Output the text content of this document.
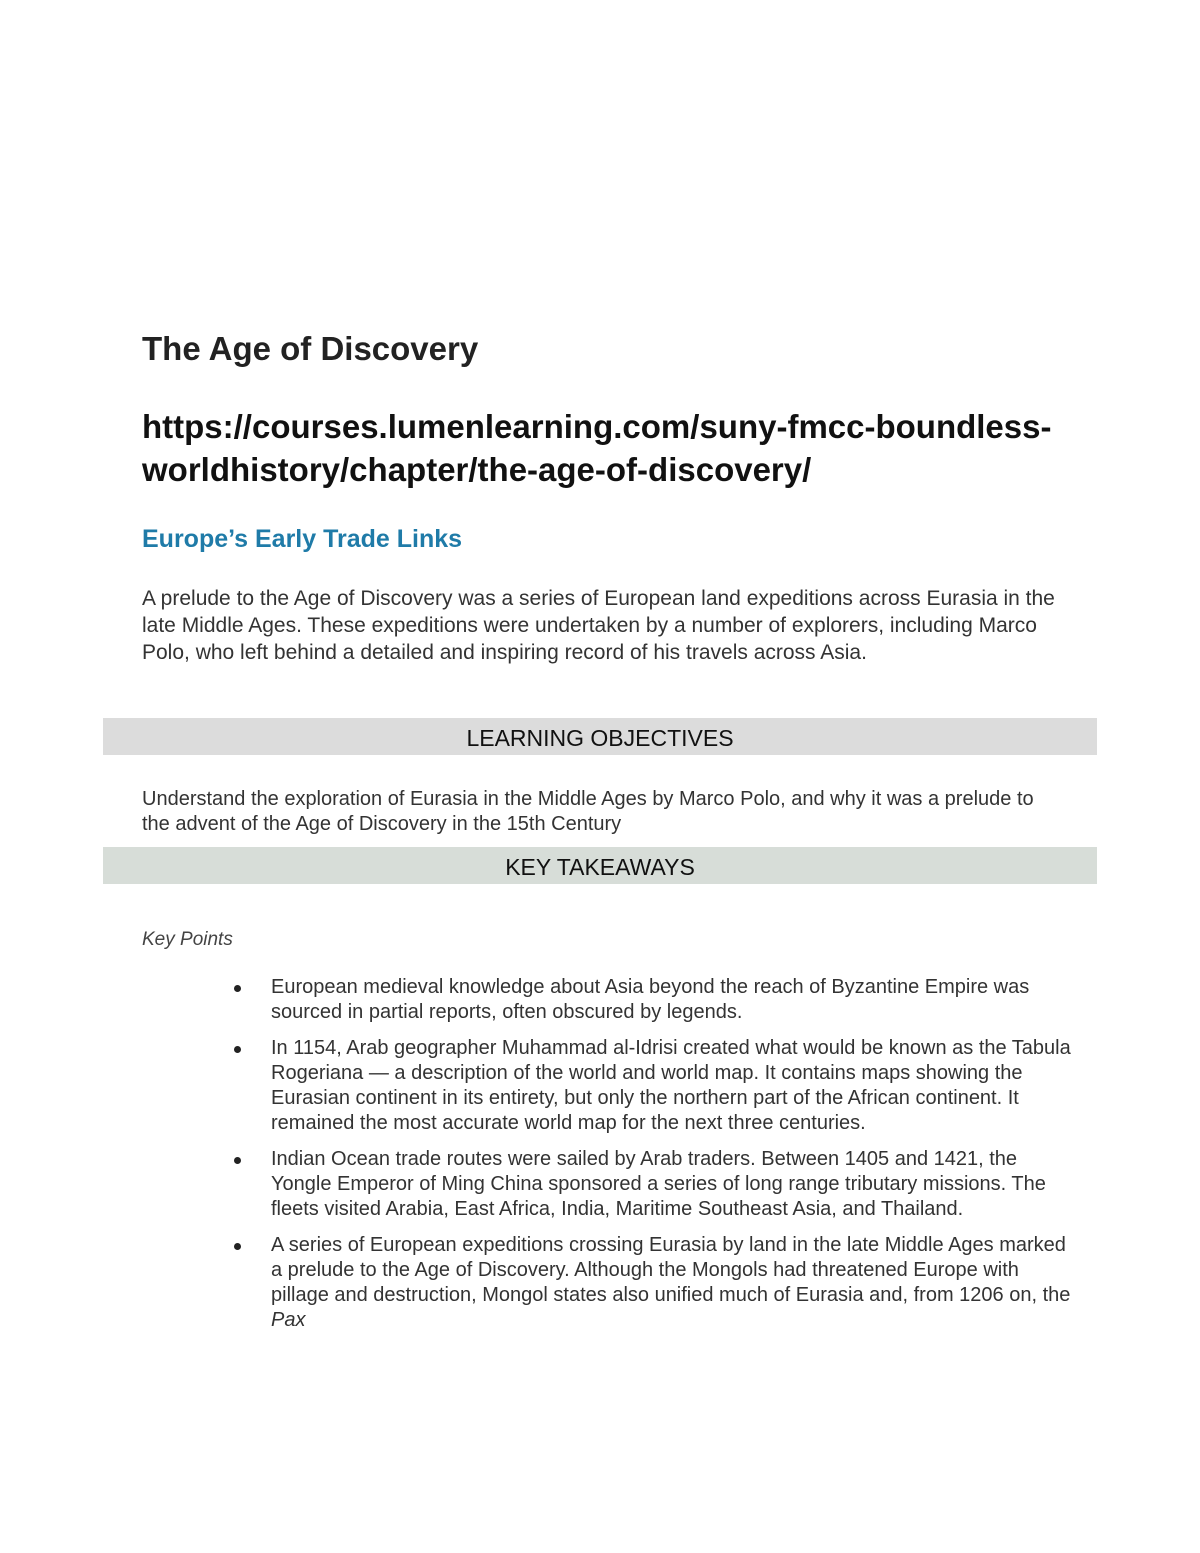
The Age of Discovery

https://courses.lumenlearning.com/suny-fmcc-boundless-worldhistory/chapter/the-age-of-discovery/

Europe’s Early Trade Links

A prelude to the Age of Discovery was a series of European land expeditions across Eurasia in the late Middle Ages. These expeditions were undertaken by a number of explorers, including Marco Polo, who left behind a detailed and inspiring record of his travels across Asia.

LEARNING OBJECTIVES

Understand the exploration of Eurasia in the Middle Ages by Marco Polo, and why it was a prelude to the advent of the Age of Discovery in the 15th Century

KEY TAKEAWAYS

Key Points

European medieval knowledge about Asia beyond the reach of Byzantine Empire was sourced in partial reports, often obscured by legends.
In 1154, Arab geographer Muhammad al-Idrisi created what would be known as the Tabula Rogeriana — a description of the world and world map. It contains maps showing the Eurasian continent in its entirety, but only the northern part of the African continent. It remained the most accurate world map for the next three centuries.
Indian Ocean trade routes were sailed by Arab traders. Between 1405 and 1421, the Yongle Emperor of Ming China sponsored a series of long range tributary missions. The fleets visited Arabia, East Africa, India, Maritime Southeast Asia, and Thailand.
A series of European expeditions crossing Eurasia by land in the late Middle Ages marked a prelude to the Age of Discovery. Although the Mongols had threatened Europe with pillage and destruction, Mongol states also unified much of Eurasia and, from 1206 on, the Pax
